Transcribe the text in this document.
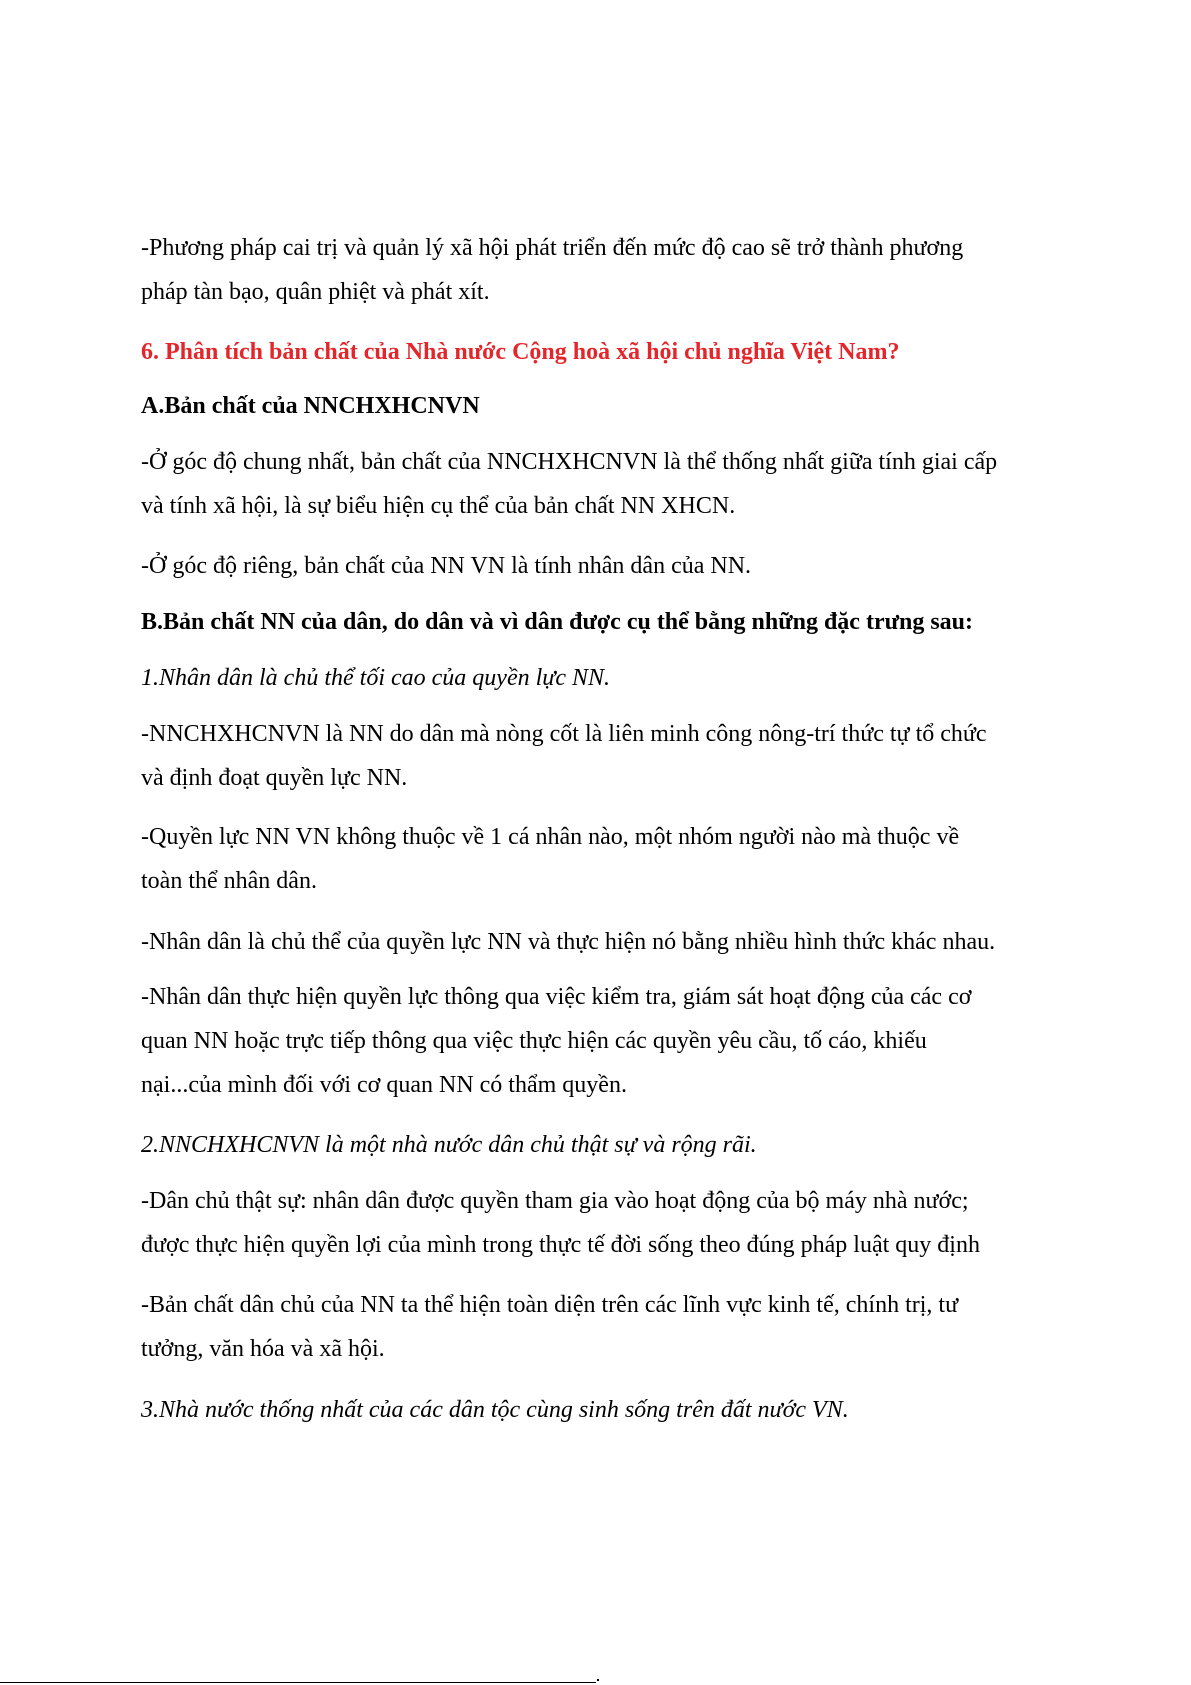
-Phương pháp cai trị và quản lý xã hội phát triển đến mức độ cao sẽ trở thành phương
pháp tàn bạo, quân phiệt và phát xít.

6. Phân tích bản chất của Nhà nước Cộng hoà xã hội chủ nghĩa Việt Nam?

A.Bản chất của NNCHXHCNVN

-Ở góc độ chung nhất, bản chất của NNCHXHCNVN là thể thống nhất giữa tính giai cấp
và tính xã hội, là sự biểu hiện cụ thể của bản chất NN XHCN.

-Ở góc độ riêng, bản chất của NN VN là tính nhân dân của NN.

B.Bản chất NN của dân, do dân và vì dân được cụ thể bằng những đặc trưng sau:

1.Nhân dân là chủ thể tối cao của quyền lực NN.

-NNCHXHCNVN là NN do dân mà nòng cốt là liên minh công nông-trí thức tự tổ chức
và định đoạt quyền lực NN.

-Quyền lực NN VN không thuộc về 1 cá nhân nào, một nhóm người nào mà thuộc về
toàn thể nhân dân.

-Nhân dân là chủ thể của quyền lực NN và thực hiện nó bằng nhiều hình thức khác nhau.

-Nhân dân thực hiện quyền lực thông qua việc kiểm tra, giám sát hoạt động của các cơ
quan NN hoặc trực tiếp thông qua việc thực hiện các quyền yêu cầu, tố cáo, khiếu
nại...của mình đối với cơ quan NN có thẩm quyền.

2.NNCHXHCNVN là một nhà nước dân chủ thật sự và rộng rãi.

-Dân chủ thật sự: nhân dân được quyền tham gia vào hoạt động của bộ máy nhà nước;
được thực hiện quyền lợi của mình trong thực tế đời sống theo đúng pháp luật quy định

-Bản chất dân chủ của NN ta thể hiện toàn diện trên các lĩnh vực kinh tế, chính trị, tư
tưởng, văn hóa và xã hội.

3.Nhà nước thống nhất của các dân tộc cùng sinh sống trên đất nước VN.
